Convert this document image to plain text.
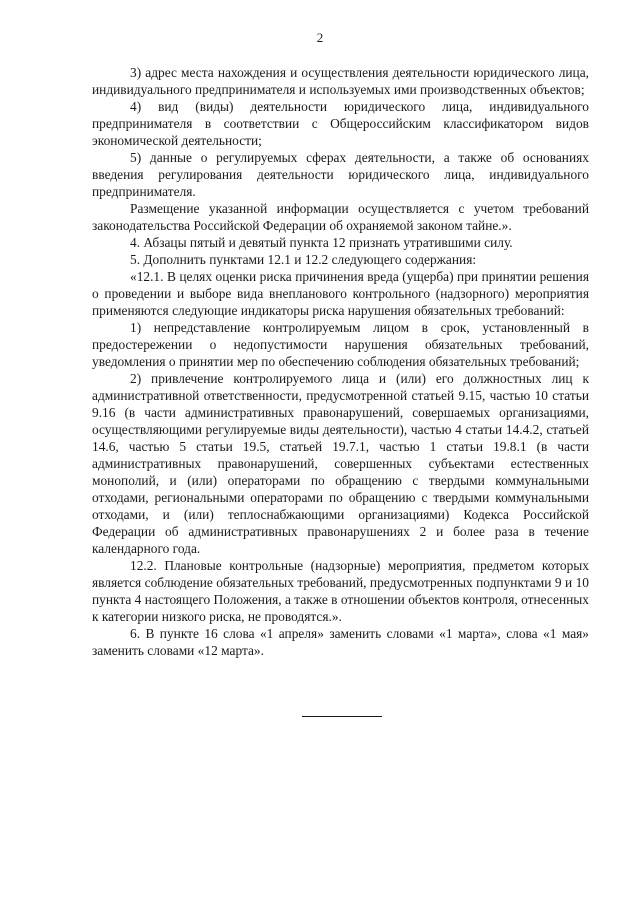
2

3) адрес места нахождения и осуществления деятельности юридического лица, индивидуального предпринимателя и используемых ими производственных объектов;

4) вид (виды) деятельности юридического лица, индивидуального предпринимателя в соответствии с Общероссийским классификатором видов экономической деятельности;

5) данные о регулируемых сферах деятельности, а также об основаниях введения регулирования деятельности юридического лица, индивидуального предпринимателя.

Размещение указанной информации осуществляется с учетом требований законодательства Российской Федерации об охраняемой законом тайне.».

4. Абзацы пятый и девятый пункта 12 признать утратившими силу.

5. Дополнить пунктами 12.1 и 12.2 следующего содержания:

«12.1. В целях оценки риска причинения вреда (ущерба) при принятии решения о проведении и выборе вида внепланового контрольного (надзорного) мероприятия применяются следующие индикаторы риска нарушения обязательных требований:

1) непредставление контролируемым лицом в срок, установленный в предостережении о недопустимости нарушения обязательных требований, уведомления о принятии мер по обеспечению соблюдения обязательных требований;

2) привлечение контролируемого лица и (или) его должностных лиц к административной ответственности, предусмотренной статьей 9.15, частью 10 статьи 9.16 (в части административных правонарушений, совершаемых организациями, осуществляющими регулируемые виды деятельности), частью 4 статьи 14.4.2, статьей 14.6, частью 5 статьи 19.5, статьей 19.7.1, частью 1 статьи 19.8.1 (в части административных правонарушений, совершенных субъектами естественных монополий, и (или) операторами по обращению с твердыми коммунальными отходами, региональными операторами по обращению с твердыми коммунальными отходами, и (или) теплоснабжающими организациями) Кодекса Российской Федерации об административных правонарушениях 2 и более раза в течение календарного года.

12.2. Плановые контрольные (надзорные) мероприятия, предметом которых является соблюдение обязательных требований, предусмотренных подпунктами 9 и 10 пункта 4 настоящего Положения, а также в отношении объектов контроля, отнесенных к категории низкого риска, не проводятся.».

6. В пункте 16 слова «1 апреля» заменить словами «1 марта», слова «1 мая» заменить словами «12 марта».
